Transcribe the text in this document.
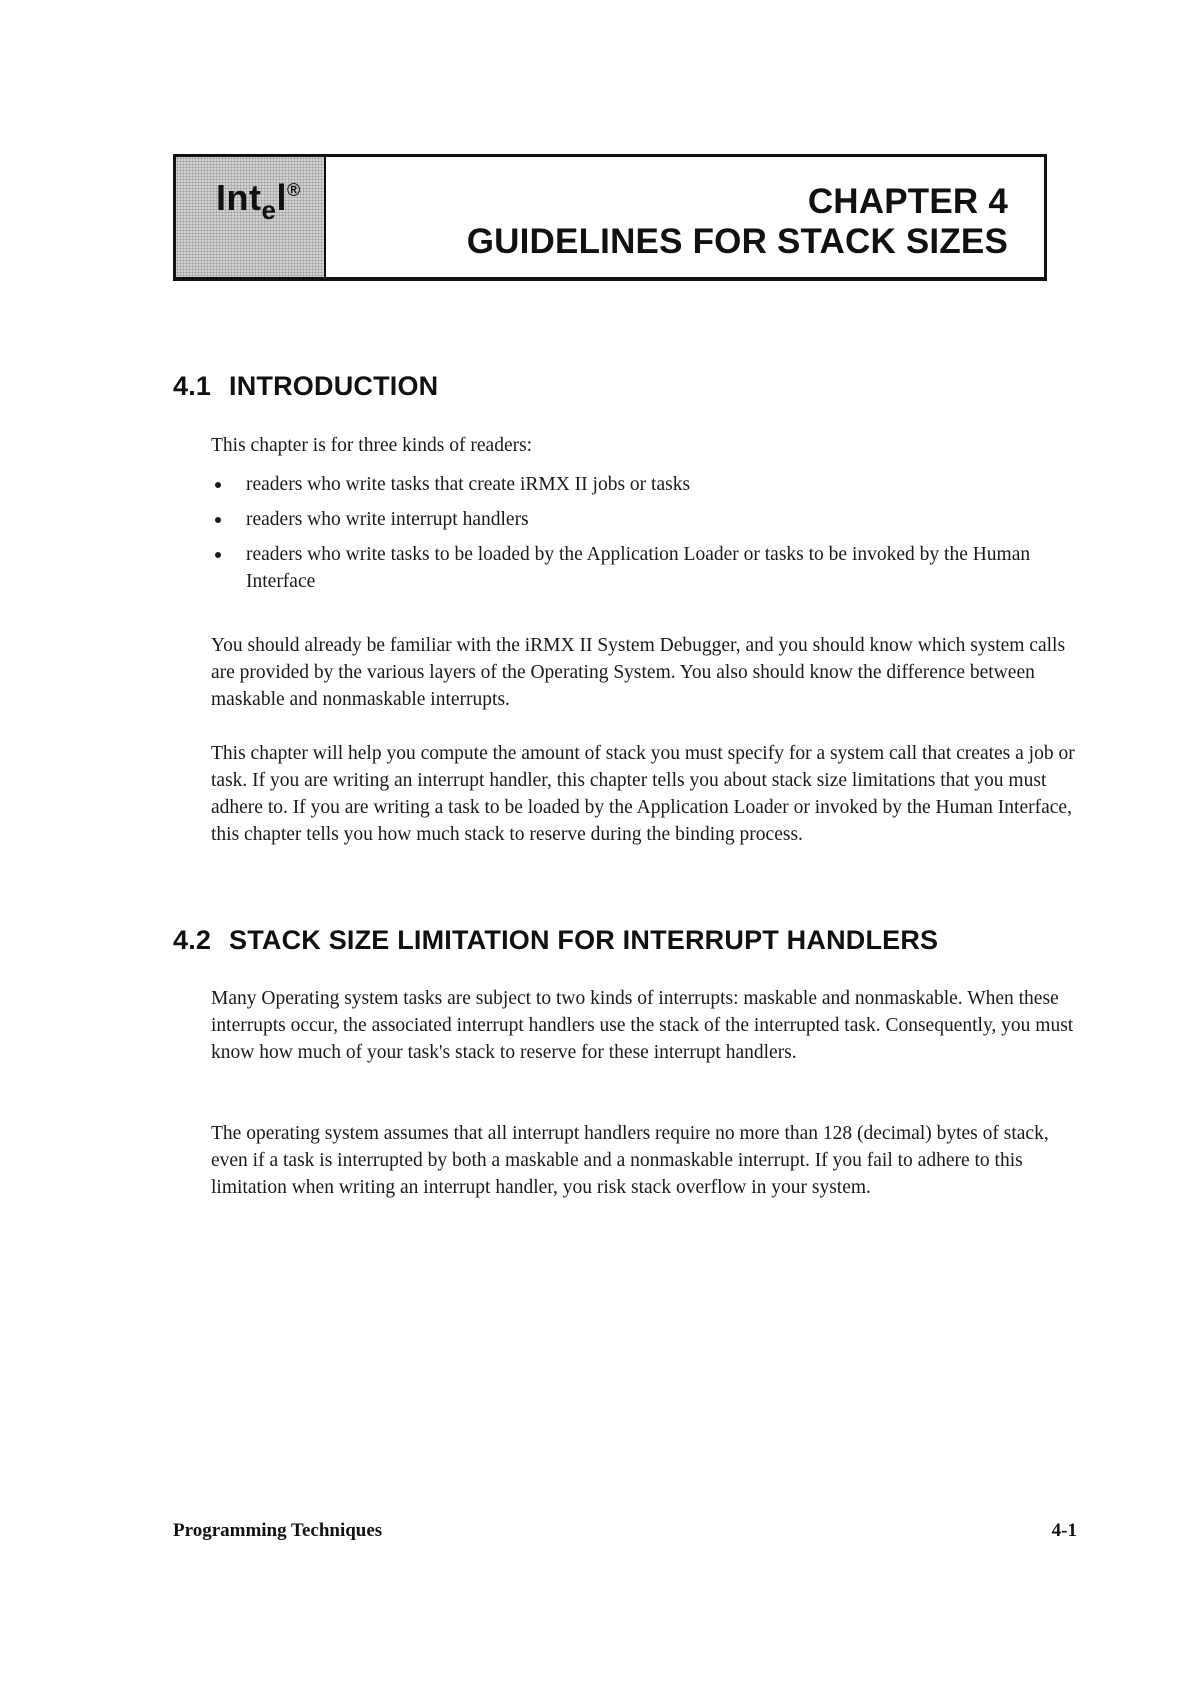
Int$_e$l®	CHAPTER 4
GUIDELINES FOR STACK SIZES
4.1 INTRODUCTION

This chapter is for three kinds of readers:

readers who write tasks that create iRMX II jobs or tasks
readers who write interrupt handlers
readers who write tasks to be loaded by the Application Loader or tasks to be invoked by the Human Interface

You should already be familiar with the iRMX II System Debugger, and you should know which system calls are provided by the various layers of the Operating System. You also should know the difference between maskable and nonmaskable interrupts.

This chapter will help you compute the amount of stack you must specify for a system call that creates a job or task. If you are writing an interrupt handler, this chapter tells you about stack size limitations that you must adhere to. If you are writing a task to be loaded by the Application Loader or invoked by the Human Interface, this chapter tells you how much stack to reserve during the binding process.

4.2 STACK SIZE LIMITATION FOR INTERRUPT HANDLERS

Many Operating system tasks are subject to two kinds of interrupts: maskable and nonmaskable. When these interrupts occur, the associated interrupt handlers use the stack of the interrupted task. Consequently, you must know how much of your task's stack to reserve for these interrupt handlers.

The operating system assumes that all interrupt handlers require no more than 128 (decimal) bytes of stack, even if a task is interrupted by both a maskable and a nonmaskable interrupt. If you fail to adhere to this limitation when writing an interrupt handler, you risk stack overflow in your system.

Programming Techniques	4-1
